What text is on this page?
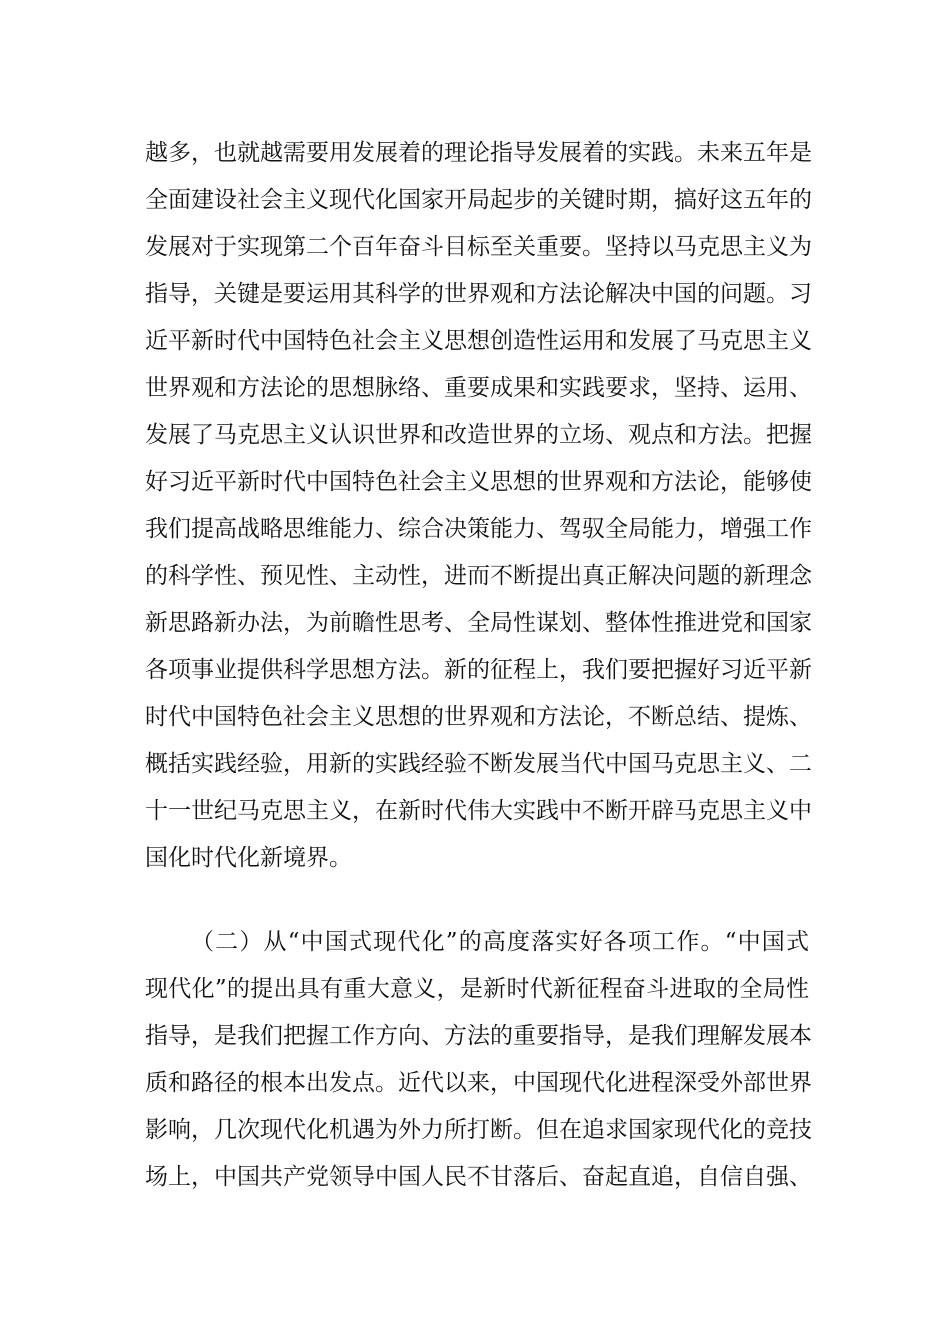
越多，也就越需要用发展着的理论指导发展着的实践。未来五年是
全面建设社会主义现代化国家开局起步的关键时期，搞好这五年的
发展对于实现第二个百年奋斗目标至关重要。坚持以马克思主义为
指导，关键是要运用其科学的世界观和方法论解决中国的问题。习
近平新时代中国特色社会主义思想创造性运用和发展了马克思主义
世界观和方法论的思想脉络、重要成果和实践要求，坚持、运用、
发展了马克思主义认识世界和改造世界的立场、观点和方法。把握
好习近平新时代中国特色社会主义思想的世界观和方法论，能够使
我们提高战略思维能力、综合决策能力、驾驭全局能力，增强工作
的科学性、预见性、主动性，进而不断提出真正解决问题的新理念
新思路新办法，为前瞻性思考、全局性谋划、整体性推进党和国家
各项事业提供科学思想方法。新的征程上，我们要把握好习近平新
时代中国特色社会主义思想的世界观和方法论，不断总结、提炼、
概括实践经验，用新的实践经验不断发展当代中国马克思主义、二
十一世纪马克思主义，在新时代伟大实践中不断开辟马克思主义中
国化时代化新境界。
（二）从“中国式现代化”的高度落实好各项工作。“中国式
现代化”的提出具有重大意义，是新时代新征程奋斗进取的全局性
指导，是我们把握工作方向、方法的重要指导，是我们理解发展本
质和路径的根本出发点。近代以来，中国现代化进程深受外部世界
影响，几次现代化机遇为外力所打断。但在追求国家现代化的竞技
场上，中国共产党领导中国人民不甘落后、奋起直追，自信自强、
